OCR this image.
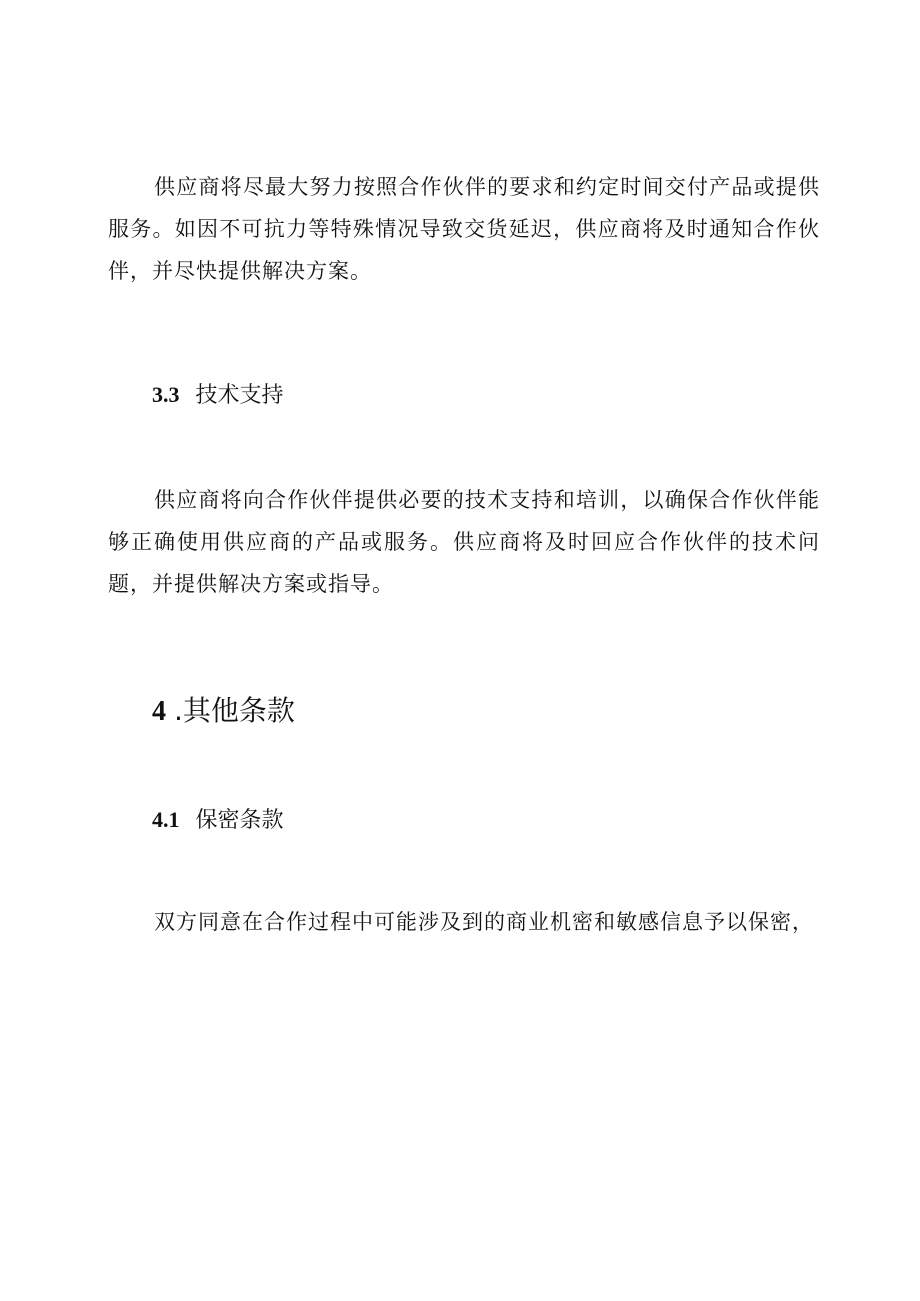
供应商将尽最大努力按照合作伙伴的要求和约定时间交付产品或提供服务。如因不可抗力等特殊情况导致交货延迟，供应商将及时通知合作伙伴，并尽快提供解决方案。

3.3 技术支持

供应商将向合作伙伴提供必要的技术支持和培训，以确保合作伙伴能够正确使用供应商的产品或服务。供应商将及时回应合作伙伴的技术问题，并提供解决方案或指导。

4 .其他条款
4.1 保密条款

双方同意在合作过程中可能涉及到的商业机密和敏感信息予以保密，
